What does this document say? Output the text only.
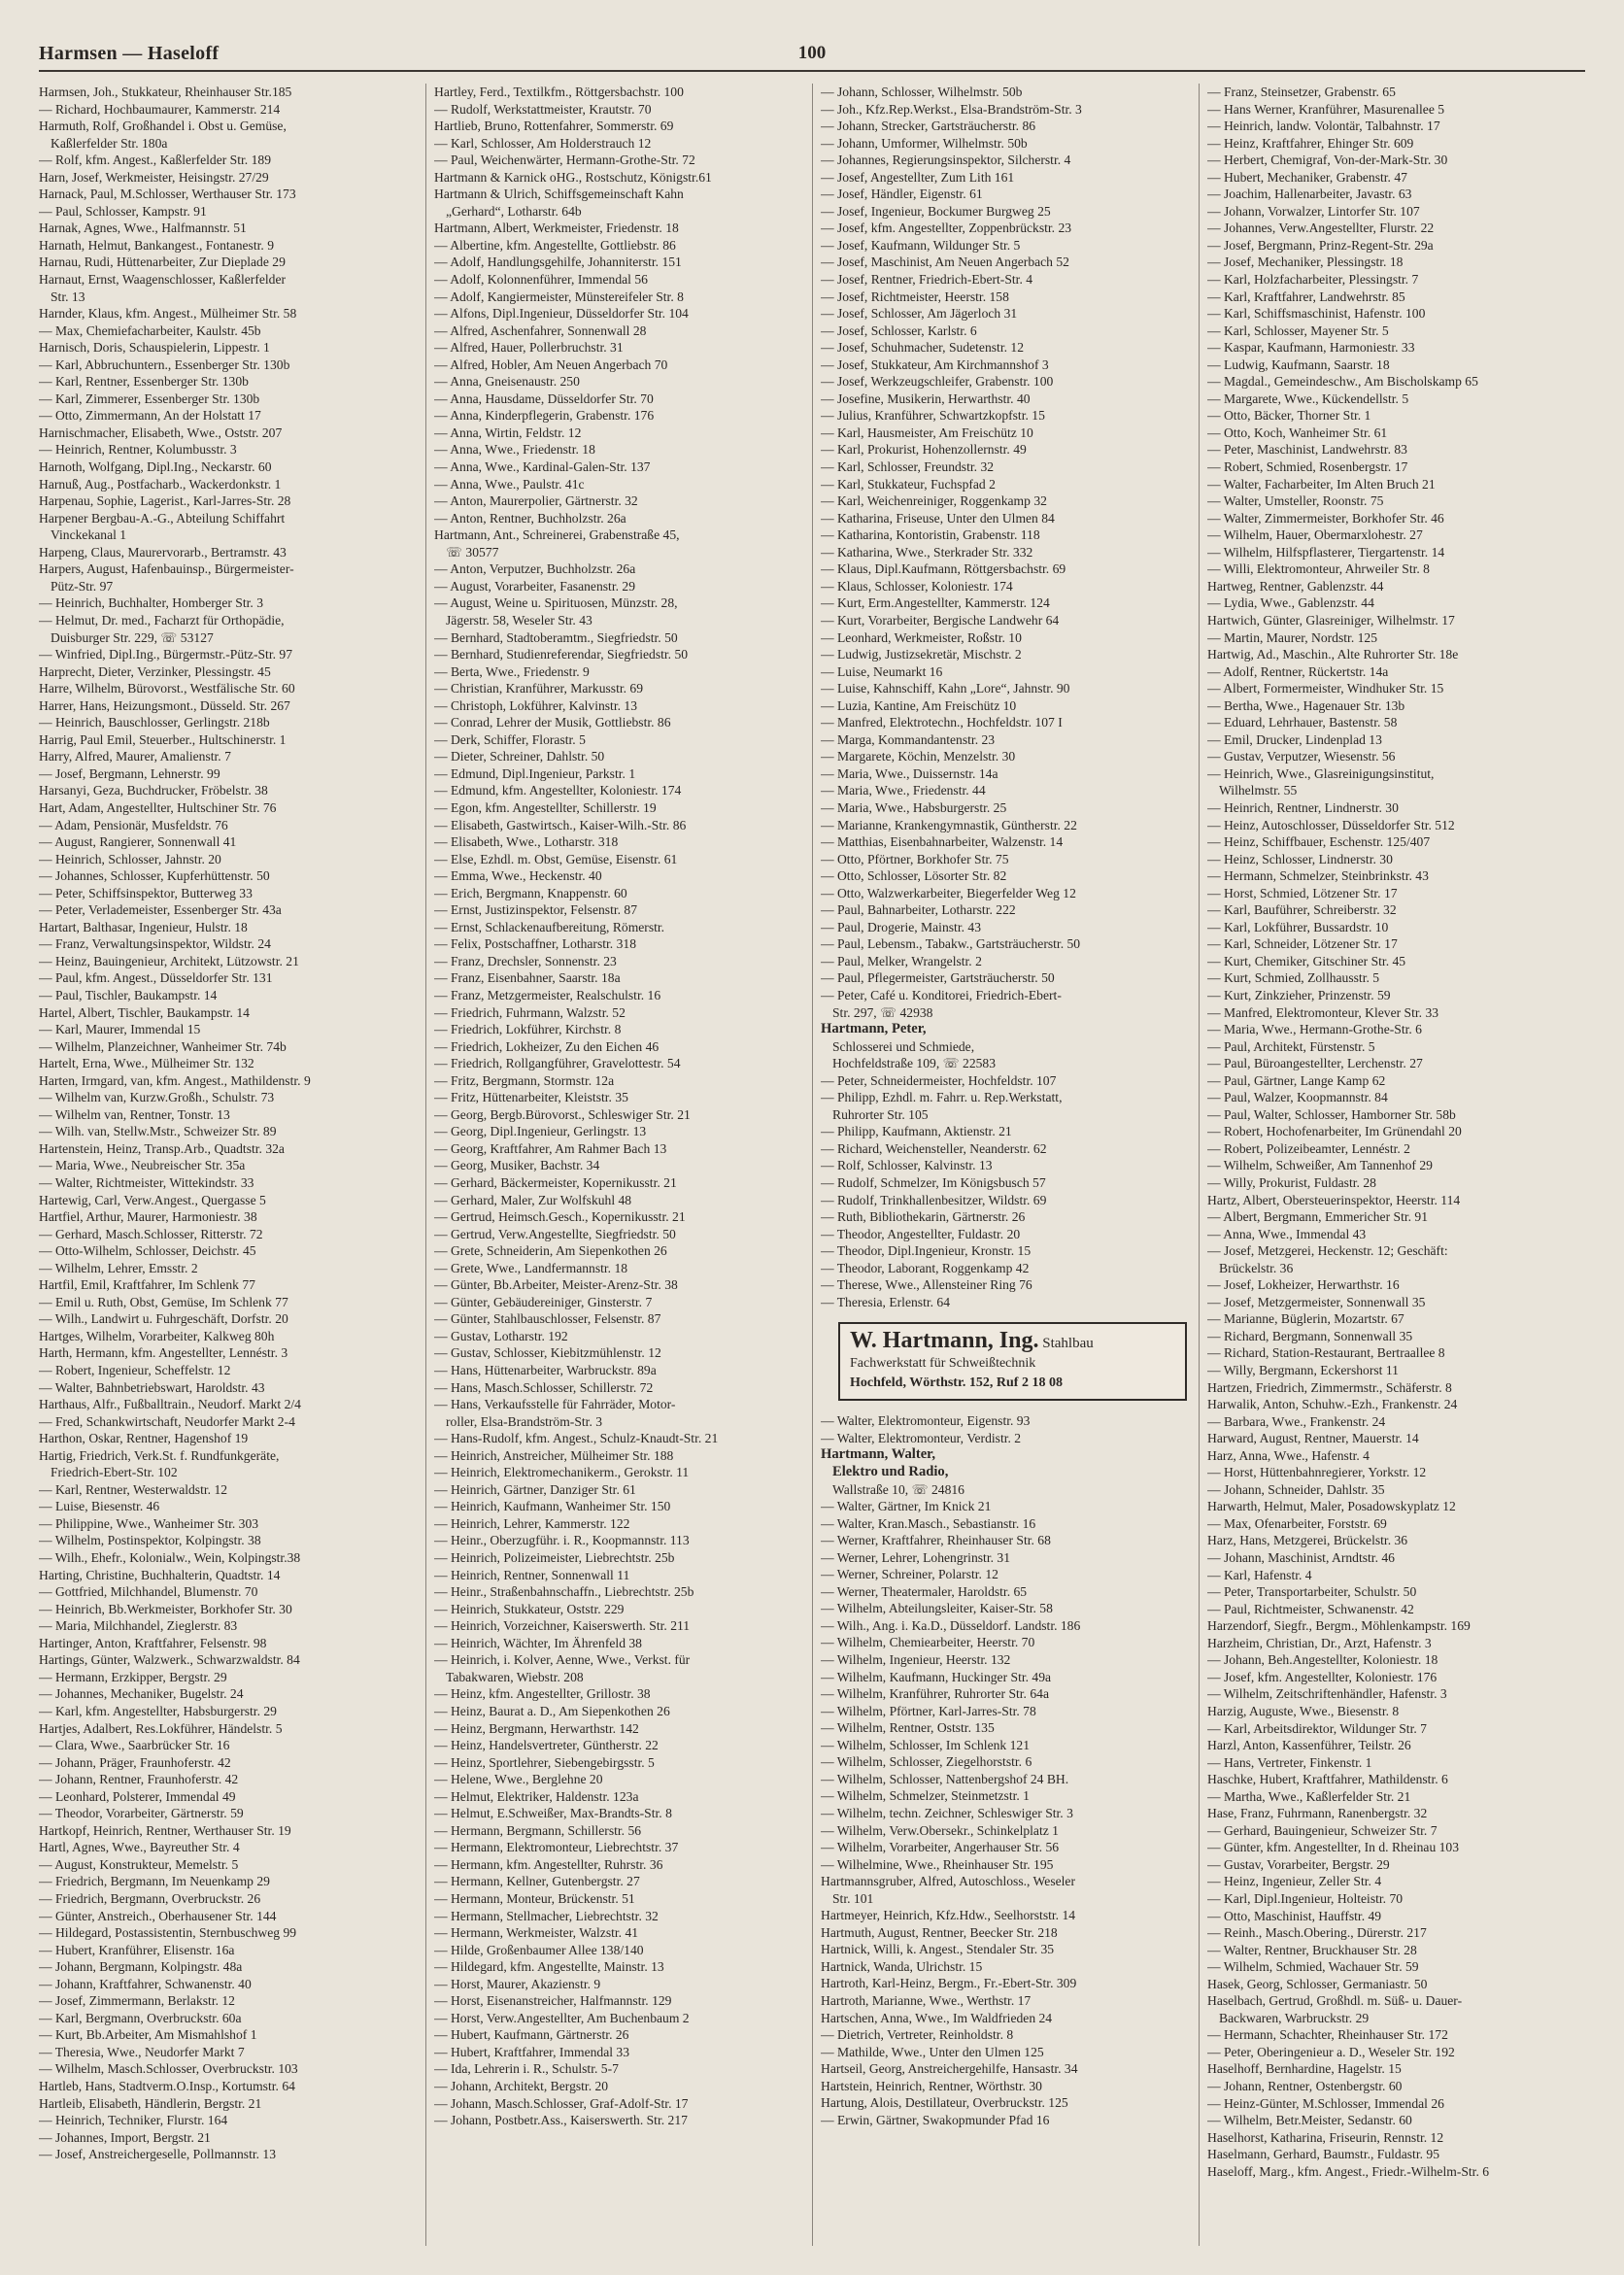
Harmsen — Haseloff	100
Harmsen, Joh., Stukkateur, Rheinhauser Str.185
— Richard, Hochbaumaurer, Kammerstr. 214
Harmuth, Rolf, Großhandel i. Obst u. Gemüse,
Kaßlerfelder Str. 180a
— Rolf, kfm. Angest., Kaßlerfelder Str. 189
Harn, Josef, Werkmeister, Heisingstr. 27/29
Harnack, Paul, M.Schlosser, Werthauser Str. 173
— Paul, Schlosser, Kampstr. 91
Harnak, Agnes, Wwe., Halfmannstr. 51
Harnath, Helmut, Bankangest., Fontanestr. 9
Harnau, Rudi, Hüttenarbeiter, Zur Dieplade 29
Harnaut, Ernst, Waagenschlosser, Kaßlerfelder
Str. 13
Harnder, Klaus, kfm. Angest., Mülheimer Str. 58
— Max, Chemiefacharbeiter, Kaulstr. 45b
Harnisch, Doris, Schauspielerin, Lippestr. 1
— Karl, Abbruchuntern., Essenberger Str. 130b
— Karl, Rentner, Essenberger Str. 130b
— Karl, Zimmerer, Essenberger Str. 130b
— Otto, Zimmermann, An der Holstatt 17
Harnischmacher, Elisabeth, Wwe., Oststr. 207
— Heinrich, Rentner, Kolumbusstr. 3
Harnoth, Wolfgang, Dipl.Ing., Neckarstr. 60
Harnuß, Aug., Postfacharb., Wackerdonkstr. 1
Harpenau, Sophie, Lagerist., Karl-Jarres-Str. 28
Harpener Bergbau-A.-G., Abteilung Schiffahrt
Vinckekanal 1
Harpeng, Claus, Maurervorarb., Bertramstr. 43
Harpers, August, Hafenbauinsp., Bürgermeister-
Pütz-Str. 97
— Heinrich, Buchhalter, Homberger Str. 3
— Helmut, Dr. med., Facharzt für Orthopädie,
Duisburger Str. 229, ☏ 53127
— Winfried, Dipl.Ing., Bürgermstr.-Pütz-Str. 97
Harprecht, Dieter, Verzinker, Plessingstr. 45
Harre, Wilhelm, Bürovorst., Westfälische Str. 60
Harrer, Hans, Heizungsmont., Düsseld. Str. 267
— Heinrich, Bauschlosser, Gerlingstr. 218b
Harrig, Paul Emil, Steuerber., Hultschinerstr. 1
Harry, Alfred, Maurer, Amalienstr. 7
— Josef, Bergmann, Lehnerstr. 99
Harsanyi, Geza, Buchdrucker, Fröbelstr. 38
Hart, Adam, Angestellter, Hultschiner Str. 76
— Adam, Pensionär, Musfeldstr. 76
— August, Rangierer, Sonnenwall 41
— Heinrich, Schlosser, Jahnstr. 20
— Johannes, Schlosser, Kupferhüttenstr. 50
— Peter, Schiffsinspektor, Butterweg 33
— Peter, Verlademeister, Essenberger Str. 43a
Hartart, Balthasar, Ingenieur, Hulstr. 18
— Franz, Verwaltungsinspektor, Wildstr. 24
— Heinz, Bauingenieur, Architekt, Lützowstr. 21
— Paul, kfm. Angest., Düsseldorfer Str. 131
— Paul, Tischler, Baukampstr. 14
Hartel, Albert, Tischler, Baukampstr. 14
— Karl, Maurer, Immendal 15
— Wilhelm, Planzeichner, Wanheimer Str. 74b
Hartelt, Erna, Wwe., Mülheimer Str. 132
Harten, Irmgard, van, kfm. Angest., Mathildenstr. 9
— Wilhelm van, Kurzw.Großh., Schulstr. 73
— Wilhelm van, Rentner, Tonstr. 13
— Wilh. van, Stellw.Mstr., Schweizer Str. 89
Hartenstein, Heinz, Transp.Arb., Quadtstr. 32a
— Maria, Wwe., Neubreischer Str. 35a
— Walter, Richtmeister, Wittekindstr. 33
Hartewig, Carl, Verw.Angest., Quergasse 5
Hartfiel, Arthur, Maurer, Harmoniestr. 38
— Gerhard, Masch.Schlosser, Ritterstr. 72
— Otto-Wilhelm, Schlosser, Deichstr. 45
— Wilhelm, Lehrer, Emsstr. 2
Hartfil, Emil, Kraftfahrer, Im Schlenk 77
— Emil u. Ruth, Obst, Gemüse, Im Schlenk 77
— Wilh., Landwirt u. Fuhrgeschäft, Dorfstr. 20
Hartges, Wilhelm, Vorarbeiter, Kalkweg 80h
Harth, Hermann, kfm. Angestellter, Lennéstr. 3
— Robert, Ingenieur, Scheffelstr. 12
— Walter, Bahnbetriebswart, Haroldstr. 43
Harthaus, Alfr., Fußballtrain., Neudorf. Markt 2/4
— Fred, Schankwirtschaft, Neudorfer Markt 2-4
Harthon, Oskar, Rentner, Hagenshof 19
Hartig, Friedrich, Verk.St. f. Rundfunkgeräte,
Friedrich-Ebert-Str. 102
— Karl, Rentner, Westerwaldstr. 12
— Luise, Biesenstr. 46
— Philippine, Wwe., Wanheimer Str. 303
— Wilhelm, Postinspektor, Kolpingstr. 38
— Wilh., Ehefr., Kolonialw., Wein, Kolpingstr.38
Harting, Christine, Buchhalterin, Quadtstr. 14
— Gottfried, Milchhandel, Blumenstr. 70
— Heinrich, Bb.Werkmeister, Borkhofer Str. 30
— Maria, Milchhandel, Zieglerstr. 83
Hartinger, Anton, Kraftfahrer, Felsenstr. 98
Hartings, Günter, Walzwerk., Schwarzwaldstr. 84
— Hermann, Erzkipper, Bergstr. 29
— Johannes, Mechaniker, Bugelstr. 24
— Karl, kfm. Angestellter, Habsburgerstr. 29
Hartjes, Adalbert, Res.Lokführer, Händelstr. 5
— Clara, Wwe., Saarbrücker Str. 16
— Johann, Präger, Fraunhoferstr. 42
— Johann, Rentner, Fraunhoferstr. 42
— Leonhard, Polsterer, Immendal 49
— Theodor, Vorarbeiter, Gärtnerstr. 59
Hartkopf, Heinrich, Rentner, Werthauser Str. 19
Hartl, Agnes, Wwe., Bayreuther Str. 4
— August, Konstrukteur, Memelstr. 5
— Friedrich, Bergmann, Im Neuenkamp 29
— Friedrich, Bergmann, Overbruckstr. 26
— Günter, Anstreich., Oberhausener Str. 144
— Hildegard, Postassistentin, Sternbuschweg 99
— Hubert, Kranführer, Elisenstr. 16a
— Johann, Bergmann, Kolpingstr. 48a
— Johann, Kraftfahrer, Schwanenstr. 40
— Josef, Zimmermann, Berlakstr. 12
— Karl, Bergmann, Overbruckstr. 60a
— Kurt, Bb.Arbeiter, Am Mismahlshof 1
— Theresia, Wwe., Neudorfer Markt 7
— Wilhelm, Masch.Schlosser, Overbruckstr. 103
Hartleb, Hans, Stadtverm.O.Insp., Kortumstr. 64
Hartleib, Elisabeth, Händlerin, Bergstr. 21
— Heinrich, Techniker, Flurstr. 164
— Johannes, Import, Bergstr. 21
— Josef, Anstreichergeselle, Pollmannstr. 13
Hartley, Ferd., Textilkfm., Röttgersbachstr. 100
— Rudolf, Werkstattmeister, Krautstr. 70
Hartlieb, Bruno, Rottenfahrer, Sommerstr. 69
— Karl, Schlosser, Am Holderstrauch 12
— Paul, Weichenwärter, Hermann-Grothe-Str. 72
Hartmann & Karnick oHG., Rostschutz, Königstr.61
Hartmann & Ulrich, Schiffsgemeinschaft Kahn
„Gerhard“, Lotharstr. 64b
Hartmann, Albert, Werkmeister, Friedenstr. 18
— Albertine, kfm. Angestellte, Gottliebstr. 86
— Adolf, Handlungsgehilfe, Johanniterstr. 151
— Adolf, Kolonnenführer, Immendal 56
— Adolf, Kangiermeister, Münstereifeler Str. 8
— Alfons, Dipl.Ingenieur, Düsseldorfer Str. 104
— Alfred, Aschenfahrer, Sonnenwall 28
— Alfred, Hauer, Pollerbruchstr. 31
— Alfred, Hobler, Am Neuen Angerbach 70
— Anna, Gneisenaustr. 250
— Anna, Hausdame, Düsseldorfer Str. 70
— Anna, Kinderpflegerin, Grabenstr. 176
— Anna, Wirtin, Feldstr. 12
— Anna, Wwe., Friedenstr. 18
— Anna, Wwe., Kardinal-Galen-Str. 137
— Anna, Wwe., Paulstr. 41c
— Anton, Maurerpolier, Gärtnerstr. 32
— Anton, Rentner, Buchholzstr. 26a
Hartmann, Ant., Schreinerei, Grabenstraße 45,
☏ 30577
— Anton, Verputzer, Buchholzstr. 26a
— August, Vorarbeiter, Fasanenstr. 29
— August, Weine u. Spirituosen, Münzstr. 28,
Jägerstr. 58, Weseler Str. 43
— Bernhard, Stadtoberamtm., Siegfriedstr. 50
— Bernhard, Studienreferendar, Siegfriedstr. 50
— Berta, Wwe., Friedenstr. 9
— Christian, Kranführer, Markusstr. 69
— Christoph, Lokführer, Kalvinstr. 13
— Conrad, Lehrer der Musik, Gottliebstr. 86
— Derk, Schiffer, Florastr. 5
— Dieter, Schreiner, Dahlstr. 50
— Edmund, Dipl.Ingenieur, Parkstr. 1
— Edmund, kfm. Angestellter, Koloniestr. 174
— Egon, kfm. Angestellter, Schillerstr. 19
— Elisabeth, Gastwirtsch., Kaiser-Wilh.-Str. 86
— Elisabeth, Wwe., Lotharstr. 318
— Else, Ezhdl. m. Obst, Gemüse, Eisenstr. 61
— Emma, Wwe., Heckenstr. 40
— Erich, Bergmann, Knappenstr. 60
— Ernst, Justizinspektor, Felsenstr. 87
— Ernst, Schlackenaufbereitung, Römerstr.
— Felix, Postschaffner, Lotharstr. 318
— Franz, Drechsler, Sonnenstr. 23
— Franz, Eisenbahner, Saarstr. 18a
— Franz, Metzgermeister, Realschulstr. 16
— Friedrich, Fuhrmann, Walzstr. 52
— Friedrich, Lokführer, Kirchstr. 8
— Friedrich, Lokheizer, Zu den Eichen 46
— Friedrich, Rollgangführer, Gravelottestr. 54
— Fritz, Bergmann, Stormstr. 12a
— Fritz, Hüttenarbeiter, Kleiststr. 35
— Georg, Bergb.Bürovorst., Schleswiger Str. 21
— Georg, Dipl.Ingenieur, Gerlingstr. 13
— Georg, Kraftfahrer, Am Rahmer Bach 13
— Georg, Musiker, Bachstr. 34
— Gerhard, Bäckermeister, Kopernikusstr. 21
— Gerhard, Maler, Zur Wolfskuhl 48
— Gertrud, Heimsch.Gesch., Kopernikusstr. 21
— Gertrud, Verw.Angestellte, Siegfriedstr. 50
— Grete, Schneiderin, Am Siepenkothen 26
— Grete, Wwe., Landfermannstr. 18
— Günter, Bb.Arbeiter, Meister-Arenz-Str. 38
— Günter, Gebäudereiniger, Ginsterstr. 7
— Günter, Stahlbauschlosser, Felsenstr. 87
— Gustav, Lotharstr. 192
— Gustav, Schlosser, Kiebitzmühlenstr. 12
— Hans, Hüttenarbeiter, Warbruckstr. 89a
— Hans, Masch.Schlosser, Schillerstr. 72
— Hans, Verkaufsstelle für Fahrräder, Motor-
roller, Elsa-Brandström-Str. 3
— Hans-Rudolf, kfm. Angest., Schulz-Knaudt-Str. 21
— Heinrich, Anstreicher, Mülheimer Str. 188
— Heinrich, Elektromechanikerm., Gerokstr. 11
— Heinrich, Gärtner, Danziger Str. 61
— Heinrich, Kaufmann, Wanheimer Str. 150
— Heinrich, Lehrer, Kammerstr. 122
— Heinr., Oberzugführ. i. R., Koopmannstr. 113
— Heinrich, Polizeimeister, Liebrechtstr. 25b
— Heinrich, Rentner, Sonnenwall 11
— Heinr., Straßenbahnschaffn., Liebrechtstr. 25b
— Heinrich, Stukkateur, Oststr. 229
— Heinrich, Vorzeichner, Kaiserswerth. Str. 211
— Heinrich, Wächter, Im Ährenfeld 38
— Heinrich, i. Kolver, Aenne, Wwe., Verkst. für
Tabakwaren, Wiebstr. 208
— Heinz, kfm. Angestellter, Grillostr. 38
— Heinz, Baurat a. D., Am Siepenkothen 26
— Heinz, Bergmann, Herwarthstr. 142
— Heinz, Handelsvertreter, Güntherstr. 22
— Heinz, Sportlehrer, Siebengebirgsstr. 5
— Helene, Wwe., Berglehne 20
— Helmut, Elektriker, Haldenstr. 123a
— Helmut, E.Schweißer, Max-Brandts-Str. 8
— Hermann, Bergmann, Schillerstr. 56
— Hermann, Elektromonteur, Liebrechtstr. 37
— Hermann, kfm. Angestellter, Ruhrstr. 36
— Hermann, Kellner, Gutenbergstr. 27
— Hermann, Monteur, Brückenstr. 51
— Hermann, Stellmacher, Liebrechtstr. 32
— Hermann, Werkmeister, Walzstr. 41
— Hilde, Großenbaumer Allee 138/140
— Hildegard, kfm. Angestellte, Mainstr. 13
— Horst, Maurer, Akazienstr. 9
— Horst, Eisenanstreicher, Halfmannstr. 129
— Horst, Verw.Angestellter, Am Buchenbaum 2
— Hubert, Kaufmann, Gärtnerstr. 26
— Hubert, Kraftfahrer, Immendal 33
— Ida, Lehrerin i. R., Schulstr. 5-7
— Johann, Architekt, Bergstr. 20
— Johann, Masch.Schlosser, Graf-Adolf-Str. 17
— Johann, Postbetr.Ass., Kaiserswerth. Str. 217
— Johann, Schlosser, Wilhelmstr. 50b
— Joh., Kfz.Rep.Werkst., Elsa-Brandström-Str. 3
— Johann, Strecker, Gartsträucherstr. 86
— Johann, Umformer, Wilhelmstr. 50b
— Johannes, Regierungsinspektor, Silcherstr. 4
— Josef, Angestellter, Zum Lith 161
— Josef, Händler, Eigenstr. 61
— Josef, Ingenieur, Bockumer Burgweg 25
— Josef, kfm. Angestellter, Zoppenbrückstr. 23
— Josef, Kaufmann, Wildunger Str. 5
— Josef, Maschinist, Am Neuen Angerbach 52
— Josef, Rentner, Friedrich-Ebert-Str. 4
— Josef, Richtmeister, Heerstr. 158
— Josef, Schlosser, Am Jägerloch 31
— Josef, Schlosser, Karlstr. 6
— Josef, Schuhmacher, Sudetenstr. 12
— Josef, Stukkateur, Am Kirchmannshof 3
— Josef, Werkzeugschleifer, Grabenstr. 100
— Josefine, Musikerin, Herwarthstr. 40
— Julius, Kranführer, Schwartzkopfstr. 15
— Karl, Hausmeister, Am Freischütz 10
— Karl, Prokurist, Hohenzollernstr. 49
— Karl, Schlosser, Freundstr. 32
— Karl, Stukkateur, Fuchspfad 2
— Karl, Weichenreiniger, Roggenkamp 32
— Katharina, Friseuse, Unter den Ulmen 84
— Katharina, Kontoristin, Grabenstr. 118
— Katharina, Wwe., Sterkrader Str. 332
— Klaus, Dipl.Kaufmann, Röttgersbachstr. 69
— Klaus, Schlosser, Koloniestr. 174
— Kurt, Erm.Angestellter, Kammerstr. 124
— Kurt, Vorarbeiter, Bergische Landwehr 64
— Leonhard, Werkmeister, Roßstr. 10
— Ludwig, Justizsekretär, Mischstr. 2
— Luise, Neumarkt 16
— Luise, Kahnschiff, Kahn „Lore“, Jahnstr. 90
— Luzia, Kantine, Am Freischütz 10
— Manfred, Elektrotechn., Hochfeldstr. 107 I
— Marga, Kommandantenstr. 23
— Margarete, Köchin, Menzelstr. 30
— Maria, Wwe., Duissernstr. 14a
— Maria, Wwe., Friedenstr. 44
— Maria, Wwe., Habsburgerstr. 25
— Marianne, Krankengymnastik, Güntherstr. 22
— Matthias, Eisenbahnarbeiter, Walzenstr. 14
— Otto, Pförtner, Borkhofer Str. 75
— Otto, Schlosser, Lösorter Str. 82
— Otto, Walzwerkarbeiter, Biegerfelder Weg 12
— Paul, Bahnarbeiter, Lotharstr. 222
— Paul, Drogerie, Mainstr. 43
— Paul, Lebensm., Tabakw., Gartsträucherstr. 50
— Paul, Melker, Wrangelstr. 2
— Paul, Pflegermeister, Gartsträucherstr. 50
— Peter, Café u. Konditorei, Friedrich-Ebert-
Str. 297, ☏ 42938
Hartmann, Peter,
Schlosserei und Schmiede,
Hochfeldstraße 109, ☏ 22583
— Peter, Schneidermeister, Hochfeldstr. 107
— Philipp, Ezhdl. m. Fahrr. u. Rep.Werkstatt,
Ruhrorter Str. 105
— Philipp, Kaufmann, Aktienstr. 21
— Richard, Weichensteller, Neanderstr. 62
— Rolf, Schlosser, Kalvinstr. 13
— Rudolf, Schmelzer, Im Königsbusch 57
— Rudolf, Trinkhallenbesitzer, Wildstr. 69
— Ruth, Bibliothekarin, Gärtnerstr. 26
— Theodor, Angestellter, Fuldastr. 20
— Theodor, Dipl.Ingenieur, Kronstr. 15
— Theodor, Laborant, Roggenkamp 42
— Therese, Wwe., Allensteiner Ring 76
— Theresia, Erlenstr. 64
W. Hartmann, Ing. Stahlbau
Fachwerkstatt für Schweißtechnik
Hochfeld, Wörthstr. 152, Ruf 2 18 08
— Walter, Elektromonteur, Eigenstr. 93
— Walter, Elektromonteur, Verdistr. 2
Hartmann, Walter,
Elektro und Radio,
Wallstraße 10, ☏ 24816
— Walter, Gärtner, Im Knick 21
— Walter, Kran.Masch., Sebastianstr. 16
— Werner, Kraftfahrer, Rheinhauser Str. 68
— Werner, Lehrer, Lohengrinstr. 31
— Werner, Schreiner, Polarstr. 12
— Werner, Theatermaler, Haroldstr. 65
— Wilhelm, Abteilungsleiter, Kaiser-Str. 58
— Wilh., Ang. i. Ka.D., Düsseldorf. Landstr. 186
— Wilhelm, Chemiearbeiter, Heerstr. 70
— Wilhelm, Ingenieur, Heerstr. 132
— Wilhelm, Kaufmann, Huckinger Str. 49a
— Wilhelm, Kranführer, Ruhrorter Str. 64a
— Wilhelm, Pförtner, Karl-Jarres-Str. 78
— Wilhelm, Rentner, Oststr. 135
— Wilhelm, Schlosser, Im Schlenk 121
— Wilhelm, Schlosser, Ziegelhorststr. 6
— Wilhelm, Schlosser, Nattenbergshof 24 BH.
— Wilhelm, Schmelzer, Steinmetzstr. 1
— Wilhelm, techn. Zeichner, Schleswiger Str. 3
— Wilhelm, Verw.Obersekr., Schinkelplatz 1
— Wilhelm, Vorarbeiter, Angerhauser Str. 56
— Wilhelmine, Wwe., Rheinhauser Str. 195
Hartmannsgruber, Alfred, Autoschloss., Weseler
Str. 101
Hartmeyer, Heinrich, Kfz.Hdw., Seelhorststr. 14
Hartmuth, August, Rentner, Beecker Str. 218
Hartnick, Willi, k. Angest., Stendaler Str. 35
Hartnick, Wanda, Ulrichstr. 15
Hartroth, Karl-Heinz, Bergm., Fr.-Ebert-Str. 309
Hartroth, Marianne, Wwe., Werthstr. 17
Hartschen, Anna, Wwe., Im Waldfrieden 24
— Dietrich, Vertreter, Reinholdstr. 8
— Mathilde, Wwe., Unter den Ulmen 125
Hartseil, Georg, Anstreichergehilfe, Hansastr. 34
Hartstein, Heinrich, Rentner, Wörthstr. 30
Hartung, Alois, Destillateur, Overbruckstr. 125
— Erwin, Gärtner, Swakopmunder Pfad 16
— Franz, Steinsetzer, Grabenstr. 65
— Hans Werner, Kranführer, Masurenallee 5
— Heinrich, landw. Volontär, Talbahnstr. 17
— Heinz, Kraftfahrer, Ehinger Str. 609
— Herbert, Chemigraf, Von-der-Mark-Str. 30
— Hubert, Mechaniker, Grabenstr. 47
— Joachim, Hallenarbeiter, Javastr. 63
— Johann, Vorwalzer, Lintorfer Str. 107
— Johannes, Verw.Angestellter, Flurstr. 22
— Josef, Bergmann, Prinz-Regent-Str. 29a
— Josef, Mechaniker, Plessingstr. 18
— Karl, Holzfacharbeiter, Plessingstr. 7
— Karl, Kraftfahrer, Landwehrstr. 85
— Karl, Schiffsmaschinist, Hafenstr. 100
— Karl, Schlosser, Mayener Str. 5
— Kaspar, Kaufmann, Harmoniestr. 33
— Ludwig, Kaufmann, Saarstr. 18
— Magdal., Gemeindeschw., Am Bischolskamp 65
— Margarete, Wwe., Kückendellstr. 5
— Otto, Bäcker, Thorner Str. 1
— Otto, Koch, Wanheimer Str. 61
— Peter, Maschinist, Landwehrstr. 83
— Robert, Schmied, Rosenbergstr. 17
— Walter, Facharbeiter, Im Alten Bruch 21
— Walter, Umsteller, Roonstr. 75
— Walter, Zimmermeister, Borkhofer Str. 46
— Wilhelm, Hauer, Obermarxlohestr. 27
— Wilhelm, Hilfspflasterer, Tiergartenstr. 14
— Willi, Elektromonteur, Ahrweiler Str. 8
Hartweg, Rentner, Gablenzstr. 44
— Lydia, Wwe., Gablenzstr. 44
Hartwich, Günter, Glasreiniger, Wilhelmstr. 17
— Martin, Maurer, Nordstr. 125
Hartwig, Ad., Maschin., Alte Ruhrorter Str. 18e
— Adolf, Rentner, Rückertstr. 14a
— Albert, Formermeister, Windhuker Str. 15
— Bertha, Wwe., Hagenauer Str. 13b
— Eduard, Lehrhauer, Bastenstr. 58
— Emil, Drucker, Lindenplad 13
— Gustav, Verputzer, Wiesenstr. 56
— Heinrich, Wwe., Glasreinigungsinstitut,
Wilhelmstr. 55
— Heinrich, Rentner, Lindnerstr. 30
— Heinz, Autoschlosser, Düsseldorfer Str. 512
— Heinz, Schiffbauer, Eschenstr. 125/407
— Heinz, Schlosser, Lindnerstr. 30
— Hermann, Schmelzer, Steinbrinkstr. 43
— Horst, Schmied, Lötzener Str. 17
— Karl, Bauführer, Schreiberstr. 32
— Karl, Lokführer, Bussardstr. 10
— Karl, Schneider, Lötzener Str. 17
— Kurt, Chemiker, Gitschiner Str. 45
— Kurt, Schmied, Zollhausstr. 5
— Kurt, Zinkzieher, Prinzenstr. 59
— Manfred, Elektromonteur, Klever Str. 33
— Maria, Wwe., Hermann-Grothe-Str. 6
— Paul, Architekt, Fürstenstr. 5
— Paul, Büroangestellter, Lerchenstr. 27
— Paul, Gärtner, Lange Kamp 62
— Paul, Walzer, Koopmannstr. 84
— Paul, Walter, Schlosser, Hamborner Str. 58b
— Robert, Hochofenarbeiter, Im Grünendahl 20
— Robert, Polizeibeamter, Lennéstr. 2
— Wilhelm, Schweißer, Am Tannenhof 29
— Willy, Prokurist, Fuldastr. 28
Hartz, Albert, Obersteuerinspektor, Heerstr. 114
— Albert, Bergmann, Emmericher Str. 91
— Anna, Wwe., Immendal 43
— Josef, Metzgerei, Heckenstr. 12; Geschäft:
Brückelstr. 36
— Josef, Lokheizer, Herwarthstr. 16
— Josef, Metzgermeister, Sonnenwall 35
— Marianne, Büglerin, Mozartstr. 67
— Richard, Bergmann, Sonnenwall 35
— Richard, Station-Restaurant, Bertraallee 8
— Willy, Bergmann, Eckershorst 11
Hartzen, Friedrich, Zimmermstr., Schäferstr. 8
Harwalik, Anton, Schuhw.-Ezh., Frankenstr. 24
— Barbara, Wwe., Frankenstr. 24
Harward, August, Rentner, Mauerstr. 14
Harz, Anna, Wwe., Hafenstr. 4
— Horst, Hüttenbahnregierer, Yorkstr. 12
— Johann, Schneider, Dahlstr. 35
Harwarth, Helmut, Maler, Posadowskyplatz 12
— Max, Ofenarbeiter, Forststr. 69
Harz, Hans, Metzgerei, Brückelstr. 36
— Johann, Maschinist, Arndtstr. 46
— Karl, Hafenstr. 4
— Peter, Transportarbeiter, Schulstr. 50
— Paul, Richtmeister, Schwanenstr. 42
Harzendorf, Siegfr., Bergm., Möhlenkampstr. 169
Harzheim, Christian, Dr., Arzt, Hafenstr. 3
— Johann, Beh.Angestellter, Koloniestr. 18
— Josef, kfm. Angestellter, Koloniestr. 176
— Wilhelm, Zeitschriftenhändler, Hafenstr. 3
Harzig, Auguste, Wwe., Biesenstr. 8
— Karl, Arbeitsdirektor, Wildunger Str. 7
Harzl, Anton, Kassenführer, Teilstr. 26
— Hans, Vertreter, Finkenstr. 1
Haschke, Hubert, Kraftfahrer, Mathildenstr. 6
— Martha, Wwe., Kaßlerfelder Str. 21
Hase, Franz, Fuhrmann, Ranenbergstr. 32
— Gerhard, Bauingenieur, Schweizer Str. 7
— Günter, kfm. Angestellter, In d. Rheinau 103
— Gustav, Vorarbeiter, Bergstr. 29
— Heinz, Ingenieur, Zeller Str. 4
— Karl, Dipl.Ingenieur, Holteistr. 70
— Otto, Maschinist, Hauffstr. 49
— Reinh., Masch.Obering., Dürerstr. 217
— Walter, Rentner, Bruckhauser Str. 28
— Wilhelm, Schmied, Wachauer Str. 59
Hasek, Georg, Schlosser, Germaniastr. 50
Haselbach, Gertrud, Großhdl. m. Süß- u. Dauer-
Backwaren, Warbruckstr. 29
— Hermann, Schachter, Rheinhauser Str. 172
— Peter, Oberingenieur a. D., Weseler Str. 192
Haselhoff, Bernhardine, Hagelstr. 15
— Johann, Rentner, Ostenbergstr. 60
— Heinz-Günter, M.Schlosser, Immendal 26
— Wilhelm, Betr.Meister, Sedanstr. 60
Haselhorst, Katharina, Friseurin, Rennstr. 12
Haselmann, Gerhard, Baumstr., Fuldastr. 95
Haseloff, Marg., kfm. Angest., Friedr.-Wilhelm-Str. 6
